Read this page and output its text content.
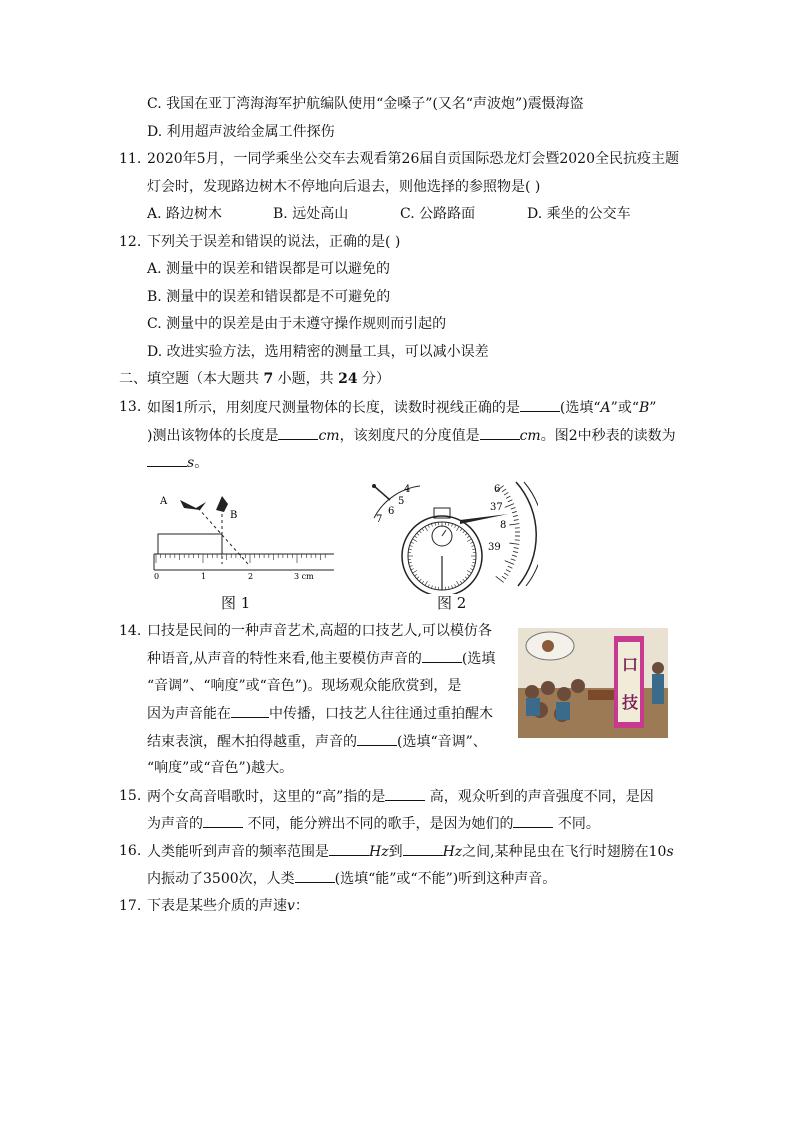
C. 我国在亚丁湾海海军护航编队使用“金嗓子”(又名“声波炮”)震慑海盗
D. 利用超声波给金属工件探伤
11. 2020年5月，一同学乘坐公交车去观看第26届自贡国际恐龙灯会暨2020全民抗疫主题
灯会时，发现路边树木不停地向后退去，则他选择的参照物是( )
A. 路边树木	B. 远处高山	C. 公路路面	D. 乘坐的公交车
12. 下列关于误差和错误的说法，正确的是( )
A. 测量中的误差和错误都是可以避免的
B. 测量中的误差和错误都是不可避免的
C. 测量中的误差是由于未遵守操作规则而引起的
D. 改进实验方法，选用精密的测量工具，可以减小误差
二、填空题（本大题共 7 小题，共 24 分）
13. 如图1所示，用刻度尺测量物体的长度，读数时视线正确的是	(选填“A”或“B”
)测出该物体的长度是	cm，该刻度尺的分度值是	cm。图2中秒表的读数为
s。
A
B
0	1	2	3 cm
图 1
4
5
6
7
6
37
8
39
图 2
14. 口技是民间的一种声音艺术,高超的口技艺人,可以模仿各
种语音,从声音的特性来看,他主要模仿声音的	(选填
“音调”、“响度”或“音色”)。现场观众能欣赏到，是
因为声音能在	中传播，口技艺人往往通过重拍醒木
结束表演，醒木拍得越重，声音的	(选填“音调”、
“响度”或“音色”)越大。
口
技
15. 两个女高音唱歌时，这里的“高”指的是	高，观众听到的声音强度不同，是因
为声音的	不同，能分辨出不同的歌手，是因为她们的	不同。
16. 人类能听到声音的频率范围是	Hz到	Hz之间,某种昆虫在飞行时翅膀在10s
内振动了3500次，人类	(选填“能”或“不能”)听到这种声音。
17. 下表是某些介质的声速v：
